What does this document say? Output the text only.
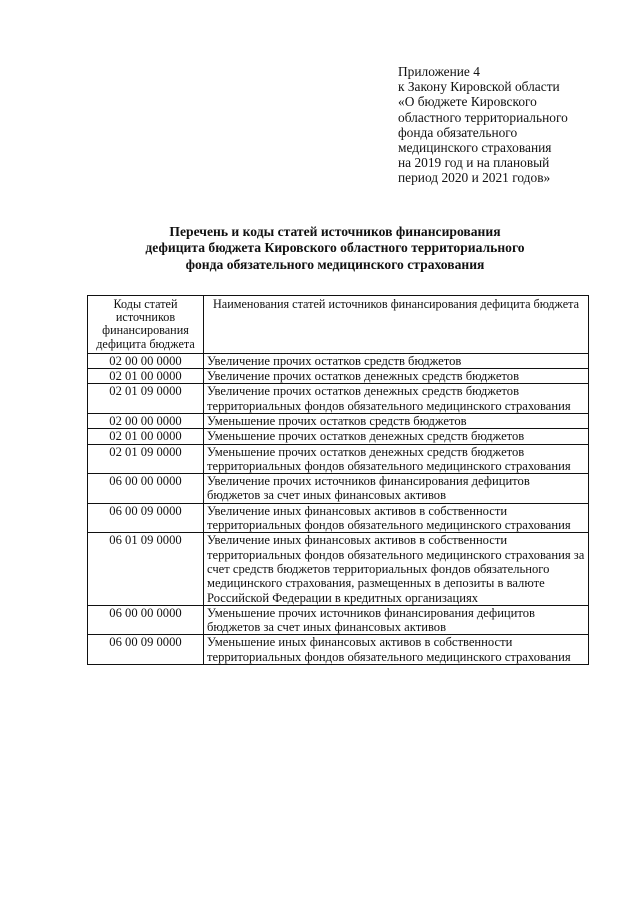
Приложение 4
к Закону Кировской области
«О бюджете Кировского
областного территориального
фонда обязательного
медицинского страхования
на 2019 год и на плановый
период 2020 и 2021 годов»
Перечень и коды статей источников финансирования
дефицита бюджета Кировского областного территориального
фонда обязательного медицинского страхования
Коды статей источников финансирования дефицита бюджета	Наименования статей источников финансирования дефицита бюджета
02 00 00 0000	Увеличение прочих остатков средств бюджетов
02 01 00 0000	Увеличение прочих остатков денежных средств бюджетов
02 01 09 0000	Увеличение прочих остатков денежных средств бюджетов территориальных фондов обязательного медицинского страхования
02 00 00 0000	Уменьшение прочих остатков средств бюджетов
02 01 00 0000	Уменьшение прочих остатков денежных средств бюджетов
02 01 09 0000	Уменьшение прочих остатков денежных средств бюджетов территориальных фондов обязательного медицинского страхования
06 00 00 0000	Увеличение прочих источников финансирования дефицитов бюджетов за счет иных финансовых активов
06 00 09 0000	Увеличение иных финансовых активов в собственности территориальных фондов обязательного медицинского страхования
06 01 09 0000	Увеличение иных финансовых активов в собственности территориальных фондов обязательного медицинского страхования за счет средств бюджетов территориальных фондов обязательного медицинского страхования, размещенных в депозиты в валюте Российской Федерации в кредитных организациях
06 00 00 0000	Уменьшение прочих источников финансирования дефицитов бюджетов за счет иных финансовых активов
06 00 09 0000	Уменьшение иных финансовых активов в собственности территориальных фондов обязательного медицинского страхования
